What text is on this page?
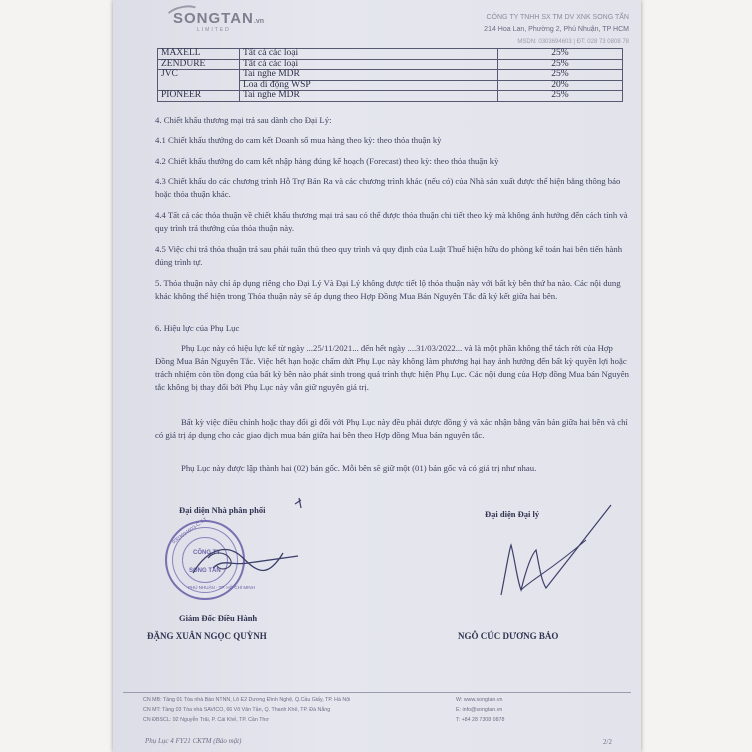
SONGTAN.vn
LIMITED
CÔNG TY TNHH SX TM DV XNK SONG TẤN
214 Hoa Lan, Phường 2, Phú Nhuận, TP HCM
MSDN: 0303694603 | ĐT: 028 73 0808 78
MAXELL	Tất cả các loại	25%
ZENDURE	Tất cả các loại	25%
JVC	Tai nghe MDR	25%
	Loa di động WSP	20%
PIONEER	Tai nghe MDR	25%
4. Chiết khấu thương mại trả sau dành cho Đại Lý:
4.1 Chiết khấu thưởng do cam kết Doanh số mua hàng theo kỳ: theo thỏa thuận kỳ
4.2 Chiết khấu thưởng do cam kết nhập hàng đúng kế hoạch (Forecast) theo kỳ: theo thỏa thuận kỳ
4.3 Chiết khấu do các chương trình Hỗ Trợ Bán Ra và các chương trình khác (nếu có) của Nhà sản xuất được thể hiện bằng thông báo hoặc thỏa thuận khác.
4.4 Tất cả các thỏa thuận về chiết khấu thương mại trả sau có thể được thỏa thuận chi tiết theo kỳ mà không ảnh hưởng đến cách tính và quy trình trả thưởng của thỏa thuận này.
4.5 Việc chi trả thỏa thuận trả sau phải tuân thủ theo quy trình và quy định của Luật Thuế hiện hữu do phòng kế toán hai bên tiến hành đúng trình tự.
5. Thỏa thuận này chỉ áp dụng riêng cho Đại Lý Và Đại Lý không được tiết lộ thỏa thuận này với bất kỳ bên thứ ba nào. Các nội dung khác không thể hiện trong Thỏa thuận này sẽ áp dụng theo Hợp Đồng Mua Bán Nguyên Tắc đã ký kết giữa hai bên.
6. Hiệu lực của Phụ Lục
Phụ Lục này có hiệu lực kể từ ngày ...25/11/2021... đến hết ngày ....31/03/2022... và là một phần không thể tách rời của Hợp Đồng Mua Bán Nguyên Tắc. Việc hết hạn hoặc chấm dứt Phụ Lục này không làm phương hại hay ảnh hưởng đến bất kỳ quyền lợi hoặc trách nhiệm còn tồn đọng của bất kỳ bên nào phát sinh trong quá trình thực hiện Phụ Lục. Các nội dung của Hợp đồng Mua bán Nguyên tắc không bị thay đổi bởi Phụ Lục này vẫn giữ nguyên giá trị.
Bất kỳ việc điều chỉnh hoặc thay đổi gì đối với Phụ Lục này đều phải được đồng ý và xác nhận bằng văn bản giữa hai bên và chỉ có giá trị áp dụng cho các giao dịch mua bán giữa hai bên theo Hợp đồng Mua bán nguyên tắc.
Phụ Lục này được lập thành hai (02) bản gốc. Mỗi bên sẽ giữ một (01) bản gốc và có giá trị như nhau.
Đại diện Nhà phân phối	Đại diện Đại lý
0303694603-C.T.T
CÔNG TY
SONG TẤN
PHÚ NHUẬN - TP. HỒ CHÍ MINH
Giám Đốc Điều Hành
ĐẶNG XUÂN NGỌC QUỲNH	NGÔ CÚC DƯƠNG BẢO
CN MB: Tầng 01 Tòa nhà Báo NTNN, Lô E2 Dương Đình Nghệ, Q.Cầu Giấy, TP. Hà Nội
CN MT: Tầng 03 Tòa nhà SAVICO, 66 Võ Văn Tần, Q. Thanh Khê, TP. Đà Nẵng
CN ĐBSCL: 92 Nguyễn Trãi, P. Cái Khế, TP. Cần Thơ
W: www.songtan.vn
E: info@songtan.vn
T: +84 28 7308 0878
Phụ Lục 4 FY21 CKTM (Bảo mật)	2/2
